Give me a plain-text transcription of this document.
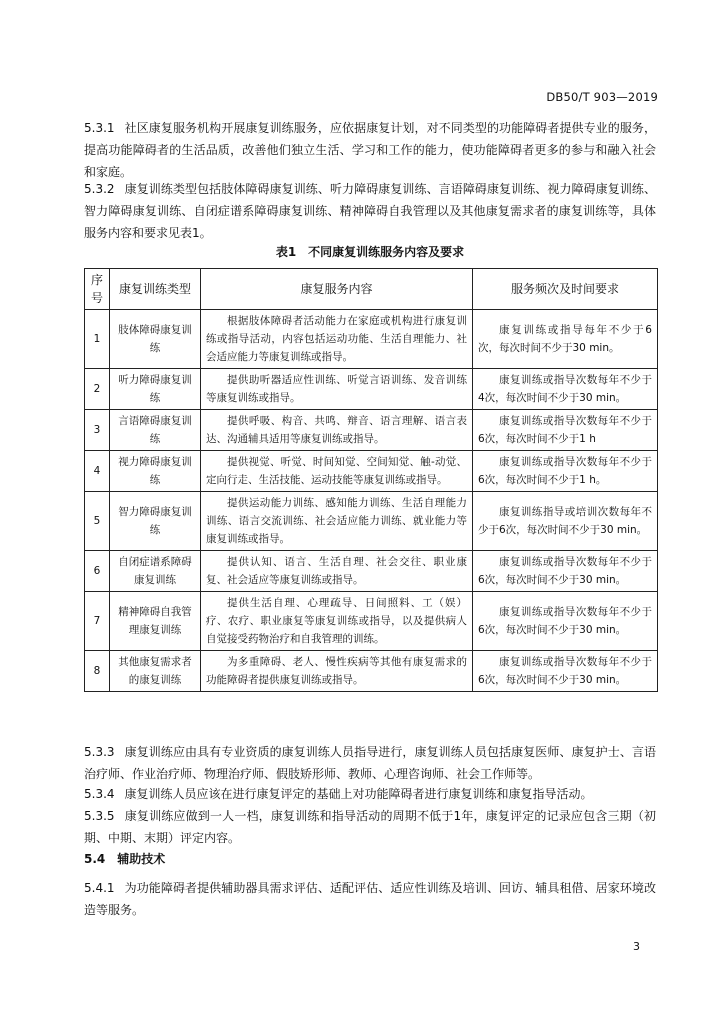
DB50/T 903—2019

5.3.1 社区康复服务机构开展康复训练服务，应依据康复计划，对不同类型的功能障碍者提供专业的服务，提高功能障碍者的生活品质，改善他们独立生活、学习和工作的能力，使功能障碍者更多的参与和融入社会和家庭。

5.3.2 康复训练类型包括肢体障碍康复训练、听力障碍康复训练、言语障碍康复训练、视力障碍康复训练、智力障碍康复训练、自闭症谱系障碍康复训练、精神障碍自我管理以及其他康复需求者的康复训练等，具体服务内容和要求见表1。

表1　不同康复训练服务内容及要求
序号	康复训练类型	康复服务内容	服务频次及时间要求
1	肢体障碍康复训练	根据肢体障碍者活动能力在家庭或机构进行康复训练或指导活动，内容包括运动功能、生活自理能力、社会适应能力等康复训练或指导。	康复训练或指导每年不少于6次，每次时间不少于30 min。

2	听力障碍康复训练	提供助听器适应性训练、听觉言语训练、发音训练等康复训练或指导。	康复训练或指导次数每年不少于4次，每次时间不少于30 min。

3	言语障碍康复训练	提供呼吸、构音、共鸣、辩音、语言理解、语言表达、沟通辅具适用等康复训练或指导。	康复训练或指导次数每年不少于6次，每次时间不少于1 h

4	视力障碍康复训练	提供视觉、听觉、时间知觉、空间知觉、触-动觉、定向行走、生活技能、运动技能等康复训练或指导。	康复训练或指导次数每年不少于6次，每次时间不少于1 h。

5	智力障碍康复训练	提供运动能力训练、感知能力训练、生活自理能力训练、语言交流训练、社会适应能力训练、就业能力等康复训练或指导。	康复训练指导或培训次数每年不少于6次，每次时间不少于30 min。

6	自闭症谱系障碍康复训练	提供认知、语言、生活自理、社会交往、职业康复、社会适应等康复训练或指导。	康复训练或指导次数每年不少于6次，每次时间不少于30 min。

7	精神障碍自我管理康复训练	提供生活自理、心理疏导、日间照料、工（娱）疗、农疗、职业康复等康复训练或指导，以及提供病人自觉接受药物治疗和自我管理的训练。	康复训练或指导次数每年不少于6次，每次时间不少于30 min。

8	其他康复需求者的康复训练	为多重障碍、老人、慢性疾病等其他有康复需求的功能障碍者提供康复训练或指导。	康复训练或指导次数每年不少于6次，每次时间不少于30 min。

5.3.3 康复训练应由具有专业资质的康复训练人员指导进行，康复训练人员包括康复医师、康复护士、言语治疗师、作业治疗师、物理治疗师、假肢矫形师、教师、心理咨询师、社会工作师等。

5.3.4 康复训练人员应该在进行康复评定的基础上对功能障碍者进行康复训练和康复指导活动。

5.3.5 康复训练应做到一人一档，康复训练和指导活动的周期不低于1年，康复评定的记录应包含三期（初期、中期、末期）评定内容。

5.4 辅助技术

5.4.1 为功能障碍者提供辅助器具需求评估、适配评估、适应性训练及培训、回访、辅具租借、居家环境改造等服务。

3
